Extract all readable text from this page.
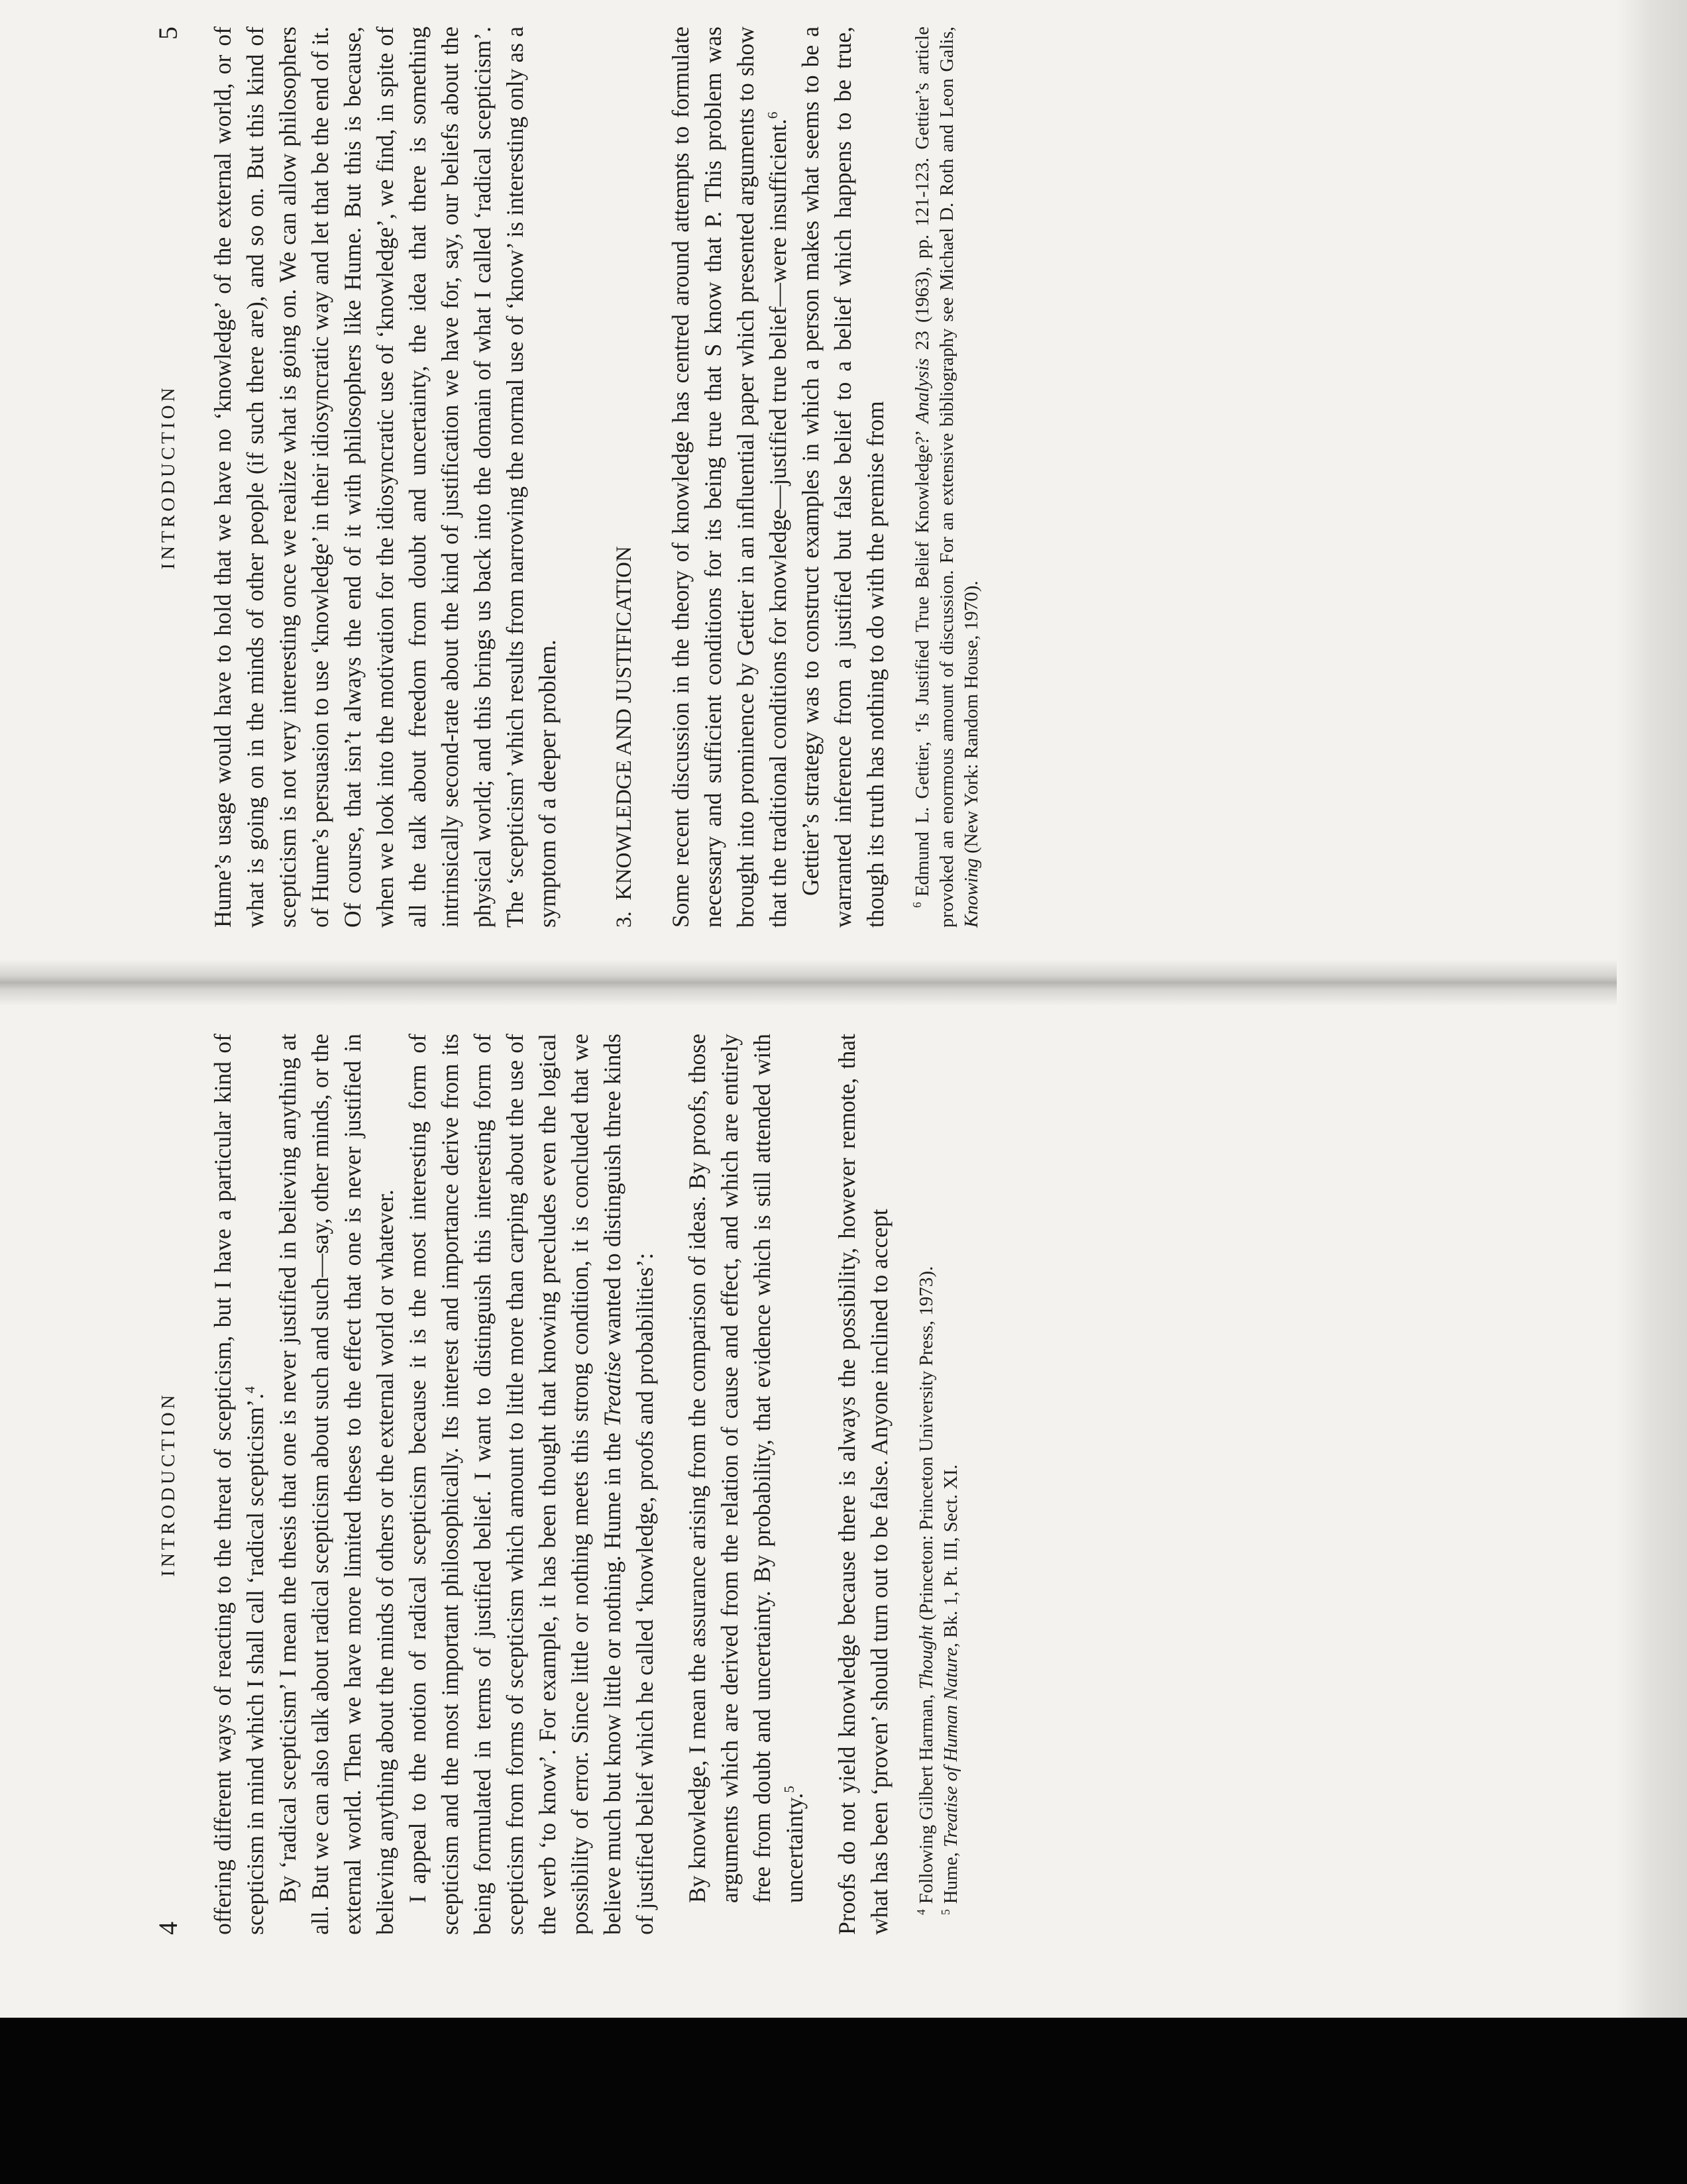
INTRODUCTION
5 Hume’s usage would have to hold that we have no ‘knowledge’ of the external world, or of what is going on in the minds of other people (if such there are), and so on. But this kind of scepticism is not very interesting once we realize what is going on. We can allow philosophers of Hume’s persuasion to use ‘knowledge’ in their idiosyncratic way and let that be the end of it. Of course, that isn’t always the end of it with philosophers like Hume. But this is because, when we look into the motivation for the idiosyncratic use of ‘knowledge’, we find, in spite of all the talk about freedom from doubt and uncertainty, the idea that there is something intrinsically second-rate about the kind of justification we have for, say, our beliefs about the physical world; and this brings us back into the domain of what I called ‘radical scepticism’. The ‘scepticism’ which results from narrowing the normal use of ‘know’ is interesting only as a symptom of a deeper problem. 3.  KNOWLEDGE AND JUSTIFICATION Some recent discussion in the theory of knowledge has centred around attempts to formulate necessary and sufficient conditions for its being true that S know that P. This problem was brought into prominence by Gettier in an influential paper which presented arguments to show that the traditional conditions for knowledge—justified true belief—were insufficient.$^6$ Gettier’s strategy was to construct examples in which a person makes what seems to be a warranted inference from a justified but false belief to a belief which happens to be true, though its truth has nothing to do with the premise from $^6$Edmund L. Gettier, ‘Is Justified True Belief Knowledge?’ Analysis 23 (1963), pp. 121-123. Gettier’s article provoked an enormous amount of discussion. For an extensive bibliography see Michael D. Roth and Leon Galis, Knowing (New York: Random House, 1970).

4
INTRODUCTION offering different ways of reacting to the threat of scepticism, but I have a particular kind of scepticism in mind which I shall call ‘radical scepticism’.$^4$ By ‘radical scepticism’ I mean the thesis that one is never justified in believing anything at all. But we can also talk about radical scepticism about such and such—say, other minds, or the external world. Then we have more limited theses to the effect that one is never justified in believing anything about the minds of others or the external world or whatever. I appeal to the notion of radical scepticism because it is the most interesting form of scepticism and the most important philosophically. Its interest and importance derive from its being formulated in terms of justified belief. I want to distinguish this interesting form of scepticism from forms of scepticism which amount to little more than carping about the use of the verb ‘to know’. For example, it has been thought that knowing precludes even the logical possibility of error. Since little or nothing meets this strong condition, it is concluded that we believe much but know little or nothing. Hume in the Treatise wanted to distinguish three kinds of justified belief which he called ‘knowledge, proofs and probabilities’: By knowledge, I mean the assurance arising from the comparison of ideas. By proofs, those arguments which are derived from the relation of cause and effect, and which are entirely free from doubt and uncertainty. By probability, that evidence which is still attended with uncertainty.$^5$	Proofs do not yield knowledge because there is always the possibility, however remote, that what has been ‘proven’ should turn out to be false. Anyone inclined to accept $^4$Following Gilbert Harman, Thought (Princeton: Princeton University Press, 1973).

$^5$Hume, Treatise of Human Nature, Bk. 1, Pt. III, Sect. XI.
